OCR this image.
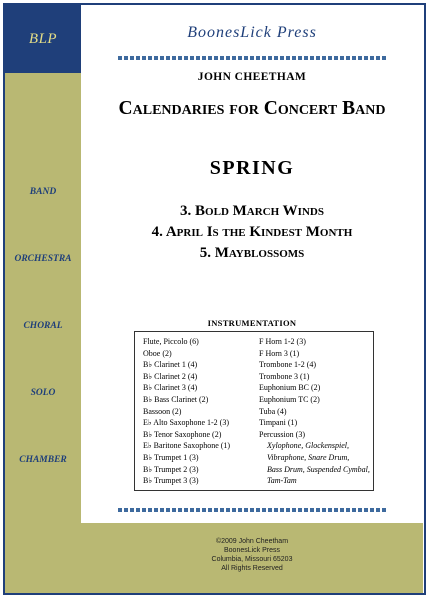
BLP
BAND
ORCHESTRA
CHORAL
SOLO
CHAMBER
BoonesLick Press
JOHN CHEETHAM
Calendaries for Concert Band
SPRING
3. Bold March Winds
4. April Is the Kindest Month
5. Mayblossoms
INSTRUMENTATION
Flute, Piccolo (6)
Oboe (2)
B♭ Clarinet 1 (4)
B♭ Clarinet 2 (4)
B♭ Clarinet 3 (4)
B♭ Bass Clarinet (2)
Bassoon (2)
E♭ Alto Saxophone 1-2 (3)
B♭ Tenor Saxophone (2)
E♭ Baritone Saxophone (1)
B♭ Trumpet 1 (3)
B♭ Trumpet 2 (3)
B♭ Trumpet 3 (3)
F Horn 1-2 (3)
F Horn 3 (1)
Trombone 1-2 (4)
Trombone 3 (1)
Euphonium BC (2)
Euphonium TC (2)
Tuba (4)
Timpani (1)
Percussion (3)
Xylophone, Glockenspiel,
Vibraphone, Snare Drum,
Bass Drum, Suspended Cymbal,
Tam-Tam
©2009 John Cheetham
BoonesLick Press
Columbia, Missouri 65203
All Rights Reserved
